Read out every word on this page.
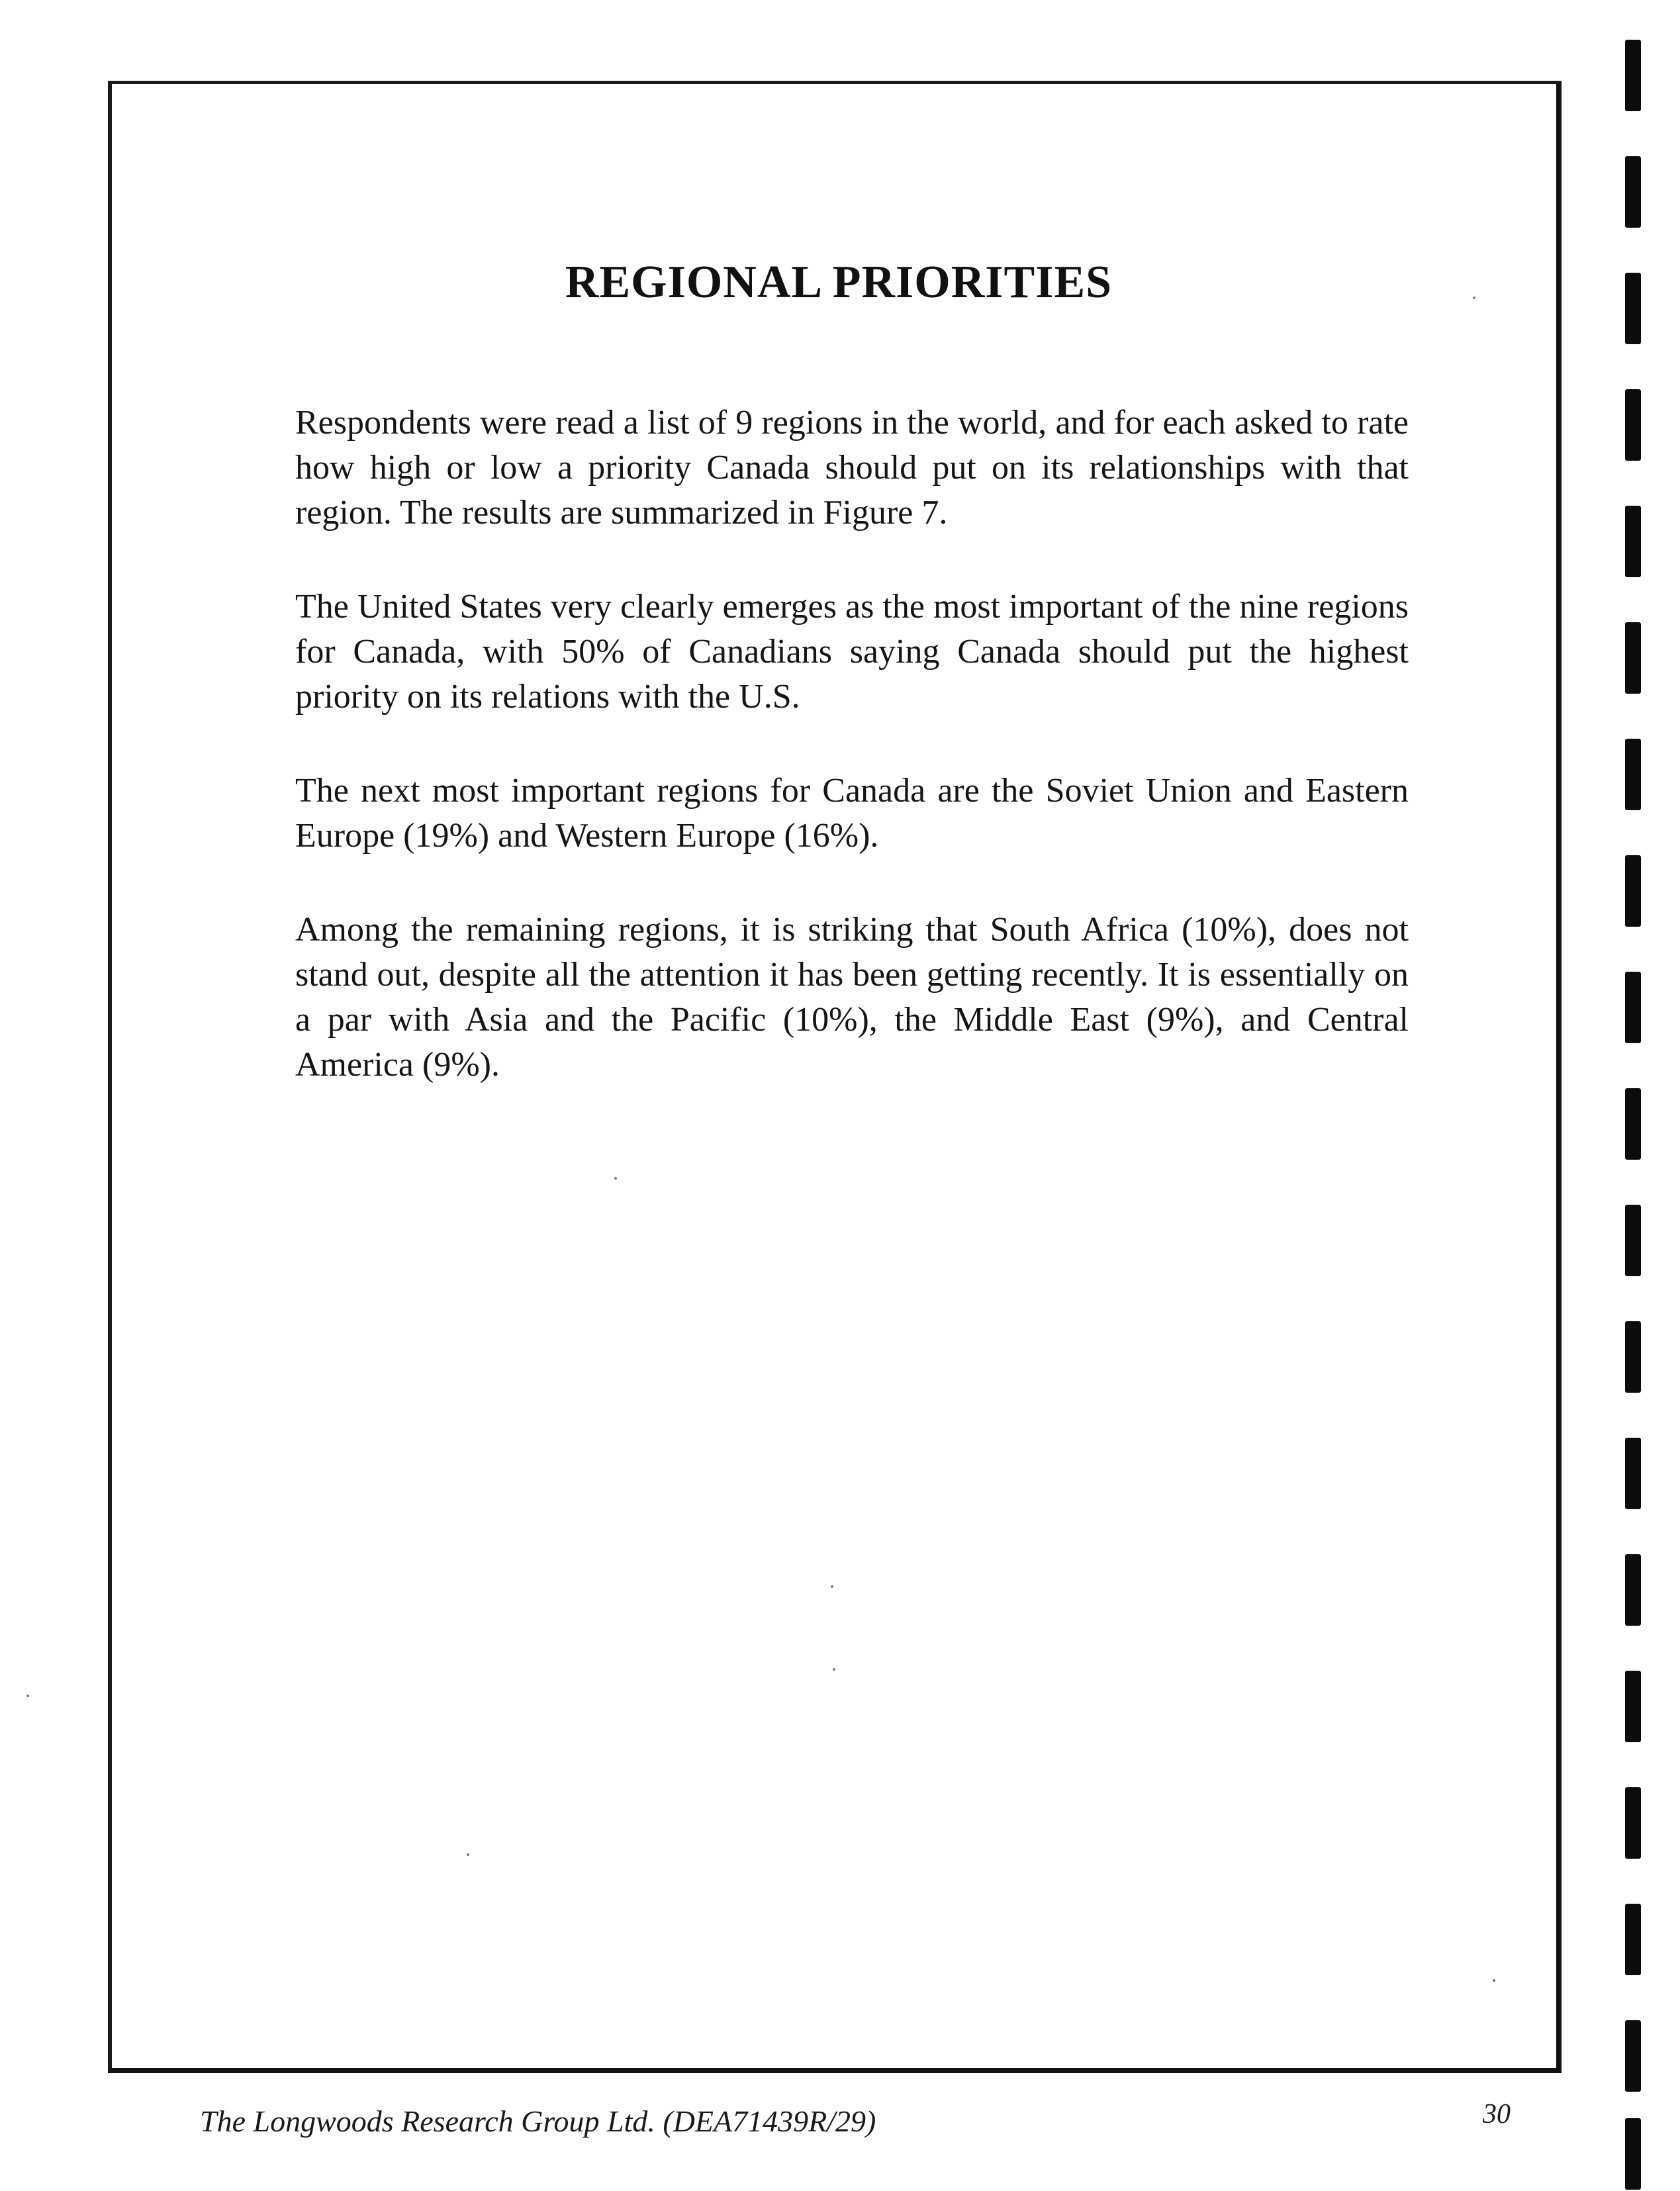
REGIONAL PRIORITIES

Respondents were read a list of 9 regions in the world, and for each asked to rate how high or low a priority Canada should put on its relationships with that region. The results are summarized in Figure 7.

The United States very clearly emerges as the most important of the nine regions for Canada, with 50% of Canadians saying Canada should put the highest priority on its relations with the U.S.

The next most important regions for Canada are the Soviet Union and Eastern Europe (19%) and Western Europe (16%).

Among the remaining regions, it is striking that South Africa (10%), does not stand out, despite all the attention it has been getting recently. It is essentially on a par with Asia and the Pacific (10%), the Middle East (9%), and Central America (9%).

The Longwoods Research Group Ltd. (DEA71439R/29)	30
